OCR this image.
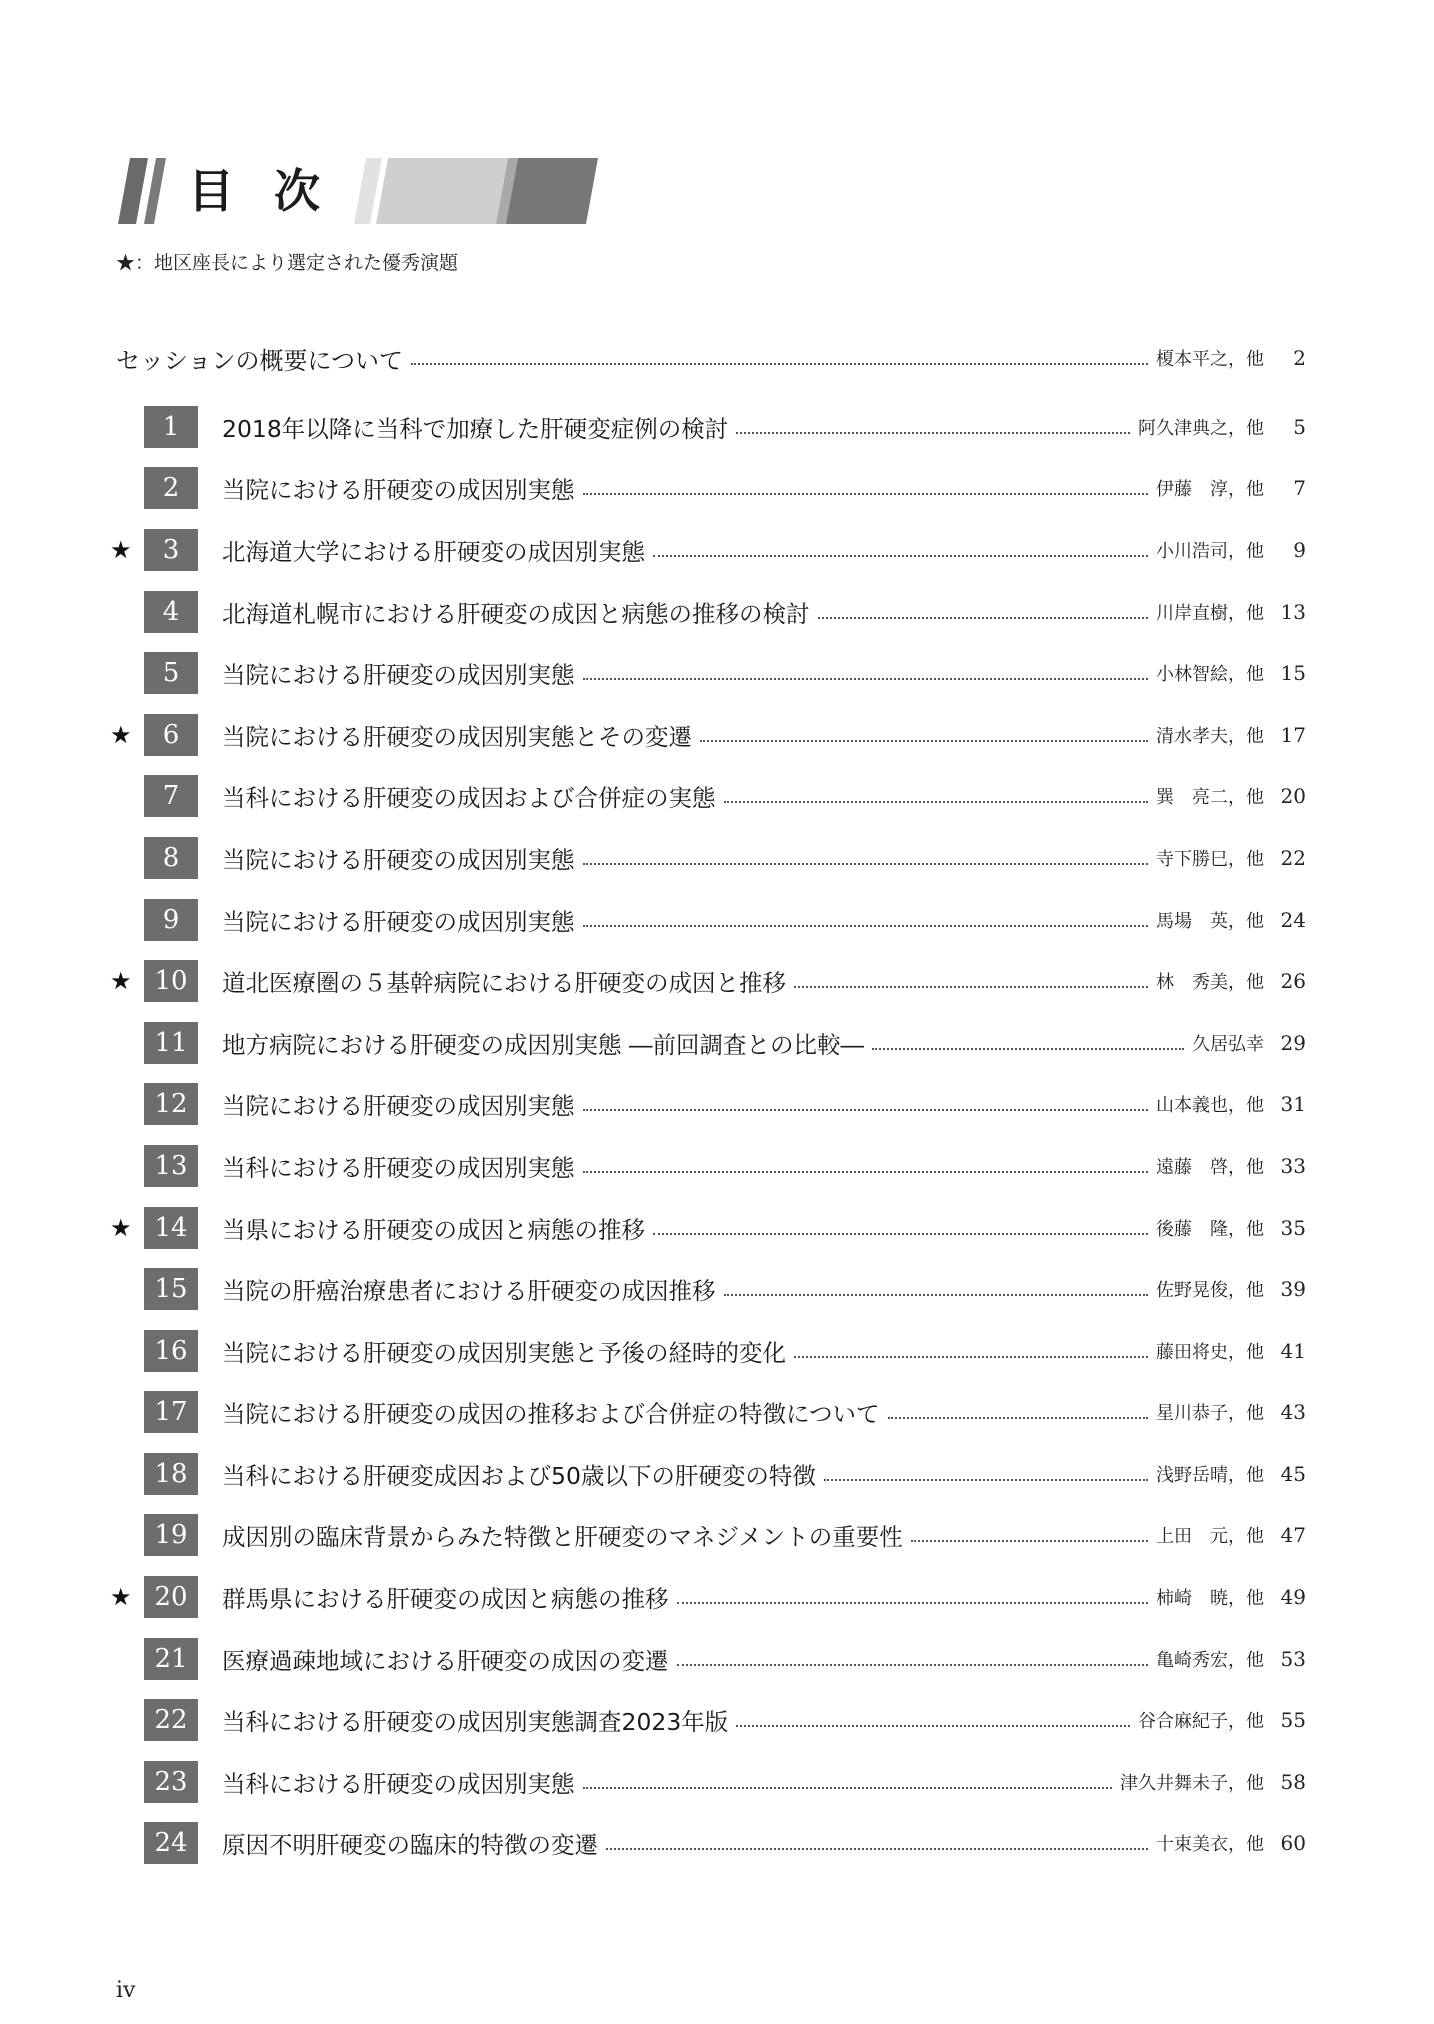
目次
★：地区座長により選定された優秀演題
セッションの概要について	榎本平之，他	2
1	2018年以降に当科で加療した肝硬変症例の検討	阿久津典之，他	5
2	当院における肝硬変の成因別実態	伊藤　淳，他	7
★	3	北海道大学における肝硬変の成因別実態	小川浩司，他	9
4	北海道札幌市における肝硬変の成因と病態の推移の検討	川岸直樹，他 13
5	当院における肝硬変の成因別実態	小林智絵，他 15
★	6	当院における肝硬変の成因別実態とその変遷	清水孝夫，他 17
7	当科における肝硬変の成因および合併症の実態	巽　亮二，他 20
8	当院における肝硬変の成因別実態	寺下勝巳，他 22
9	当院における肝硬変の成因別実態	馬場　英，他 24
★ 10	道北医療圏の５基幹病院における肝硬変の成因と推移	林　秀美，他 26
11	地方病院における肝硬変の成因別実態 ―前回調査との比較―	久居弘幸 29
12	当院における肝硬変の成因別実態	山本義也，他 31
13	当科における肝硬変の成因別実態	遠藤　啓，他 33
★ 14	当県における肝硬変の成因と病態の推移	後藤　隆，他 35
15	当院の肝癌治療患者における肝硬変の成因推移	佐野晃俊，他 39
16	当院における肝硬変の成因別実態と予後の経時的変化	藤田将史，他 41
17	当院における肝硬変の成因の推移および合併症の特徴について	星川恭子，他 43
18	当科における肝硬変成因および50歳以下の肝硬変の特徴	浅野岳晴，他 45
19	成因別の臨床背景からみた特徴と肝硬変のマネジメントの重要性	上田　元，他 47
★ 20	群馬県における肝硬変の成因と病態の推移	柿崎　暁，他 49
21	医療過疎地域における肝硬変の成因の変遷	亀崎秀宏，他 53
22	当科における肝硬変の成因別実態調査2023年版	谷合麻紀子，他 55
23	当科における肝硬変の成因別実態	津久井舞未子，他 58
24	原因不明肝硬変の臨床的特徴の変遷	十束美衣，他 60
iv
